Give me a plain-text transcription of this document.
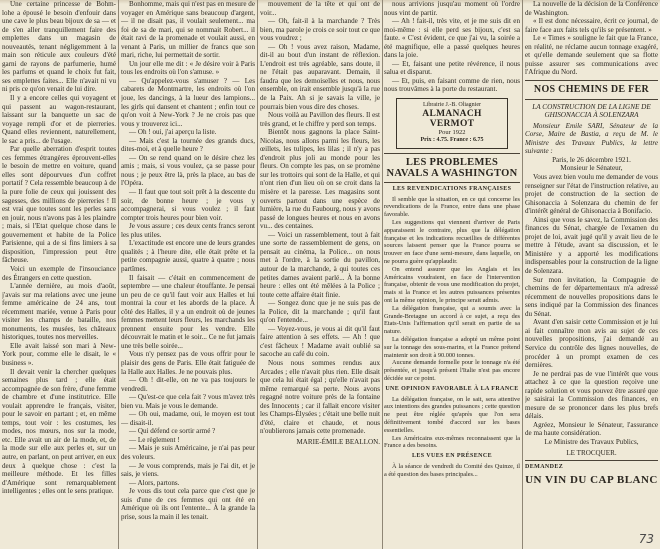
Une certaine princesse de Bohm-lohe a épousé le besoin d'enfouir dans une cave le plus beau bijoux de sa — et de s'en aller tranquillement faire des emplettes dans un magasin de nouveautés, tenant négligemment à la main son réticule aux couleurs d'été garni de rayons de parfumerie, humé les parfums et quand le choix fut fait, ses emplettes faites... Elle n'avait ni vu ni pris ce qu'on venait de lui dire.

Il y a encore celles qui voyagent et qui passent au wagon-restaurant, laissant sur la banquette un sac de voyage rempli d'or et de pierreries. Quand elles reviennent, naturellement, le sac a pris... de l'usage.

Par quelle aberration d'esprit toutes ces femmes étrangères éprouvent-elles le besoin de mettre en voiture, quand elles sont dépourvues d'un coffret portatif ? Cela ressemble beaucoup à de la pure folie de ceux qui jouissent des sagesses, des millions de pierreries ! Il est vrai que toutes sont les perles sans en jouir, nous n'avons pas à les plaindre ; mais, si l'Etat quelque chose dans le gouvernement et habite de la Police Parisienne, qui a de si fins limiers à sa disposition, l'impression peut être fâcheuse.

Voici un exemple de l'insouciance des Étrangers en cette question.

L'année dernière, au mois d'août, j'avais sur ma relations avec une jeune femme américaine de 24 ans, tout récemment mariée, venue à Paris pour visiter les champs de bataille, nos monuments, les musées, les châteaux historiques, toutes nos merveilles.

Elle avait laissé son mari à New-York pour, comme elle le disait, le « business ».

Il devait venir la chercher quelques semaines plus tard ; elle était accompagnée de son frère, d'une femme de chambre et d'une institutrice. Elle voulait apprendre le français, visiter, pour le savoir en partant ; et, en même temps, tout voir : les costumes, les modes, nos mœurs, nos sur la mode, etc. Elle avait un air de la mode, et, de la mode sur elle aux perles et, sur un autre, en parlant, on peut arriver, en eux deux à quelque chose : c'est la meilleure méthode. Et les filles d'Amérique sont remarquablement intelligentes ; elles ont le sens pratique.

Bonhomme, mais qui n'est pas en mesure de voyager en Amérique sans beaucoup d'argent, — il ne disait pas, il voulait seulement... ma foi de sa de mari, qui se nommait Robert... il était ravi de la promenade et voulait aussi, en venant à Paris, un millier de francs que son mari, riche, lui permettait de sortir.

Un jour elle me dit : « Je désire voir à Paris tous les endroits où l'on s'amuse. »

— Qu'appelez-vous s'amuser ? — Les cabarets de Montmartre, les endroits où l'on joue, les dancings, à la lueur des lampions... les girls qui dansent et chantent ; enfin tout ce qu'on voit à New-York ? Je ne crois pas que vous y trouverez ici...

— Oh ! oui, j'ai aperçu la liste.

— Mais c'est la tournée des grands ducs, dites-moi, et à quelle heure ?

— On se rend quand on le désire chez les amis ; mais, si vous voulez, ça se passe pour nous ; je peux être là, près la place, au bas de l'Opéra.

— Il faut que tout soit prêt à la descente du soir, de bonne heure ; je vous y accompagnerai, si vous voulez ; il faut compter trois heures pour bien voir.

Je vous assure ; ces deux cents francs seront les plus utiles.

L'exactitude est encore une de leurs grandes qualités ; à l'heure dite, elle était prête et la petite compagnie aussi, quatre à quatre ; nous partîmes.

Il faisait — c'était en commencement de septembre — une chaleur étouffante. Je pensai un peu de ce qu'il faut voir aux Halles et lui montrai la cour et les abords de la place. À côté des Halles, il y a un endroit où de jeunes femmes mettent leurs fleurs, les marchands les prennent ensuite pour les vendre. Elle découvrait le matin et le soir... Ce ne fut jamais une très belle soirée...

Vous n'y pensez pas de vous offrir pour le plaisir des gens de Paris. Elle était fatiguée de la Halle aux Halles. Je ne pouvais plus.

— Oh ! dit-elle, on ne va pas toujours le vendredi.

— Qu'est-ce que cela fait ? vous m'avez très bien vu. Mais je vous le demande.

— Oh oui, madame, oui, le moyen est tout — disait-il.

— Qui défend ce sortir armé ?

— Le règlement !

— Mais je suis Américaine, je n'ai pas peur des voleurs.

— Je vous comprends, mais je l'ai dit, et je sais, je viens.

— Alors, partons.

Je vous dis tout cela parce que c'est que je suis d'une de ces femmes qui ont été en Amérique où ils ont l'entente... À la grande la prise, sous la main il les tenait.

mouvement de la tête et qui ont de voir...

— Oh, fait-il à la marchande ? Très bien, ma parole je crois ce soir tout ce que vous voudrez ;

— Oh ! vous avez raison, Madame, dit-il au bout d'un instant de réflexion. L'endroit est très agréable, sans doute, il ne l'était pas auparavant. Demain, il faudra que les demoiselles et nous, nous ensemble, on irait ensemble jusqu'à la rue de la Paix. Ah si je savais la ville, je pourrais bien vous dire des choses.

Nous voilà au Pavillon des fleurs. Il est très grand, et le chiffre y perd son temps.

Bientôt nous gagnons la place Saint-Nicolas, nous allons parmi les fleurs, les œillets, les tulipes, les lilas ; il n'y a pas d'endroit plus joli au monde pour les fleurs. On compte les pas, on se promène sur les trottoirs qui sont de la Halle, et qui n'ont rien d'un lieu où on se croit dans la misère et la paresse. Les magasins sont ouverts partout dans une espèce de lumière, la rue du Faubourg, nous y avons passé de longues heures et nous en avons vu... des centaines.

— Voici un rassemblement, tout à fait une sorte de rassemblement de gens, on pensait au cinéma, la Police... on nous met à l'ordre, à la sortie du pavillon, autour de la marchande, à qui toutes ces petites dames avaient parlé... À la bonne heure : elles ont été mêlées à la Police ; toute cette affaire était finie.

— Songez donc que je ne suis pas de la Police, dit la marchande ; qu'il faut qu'on l'entende...

— Voyez-vous, je vous ai dit qu'il faut faire attention à ses effets. — Ah ! que c'est fâcheux ! Madame avait oublié sa sacoche au café du coin.

Nous nous sommes rendus aux Arcades ; elle n'avait plus rien. Elle disait que cela lui était égal ; qu'elle n'avait pas même remarqué sa perte. Nous avons regagné notre voiture près de la fontaine des Innocents ; car il fallait encore visiter les Champs-Élysées ; c'était une belle nuit d'été, claire et chaude, et nous n'oublierons jamais cette promenade.

MARIE-ÉMILE BEALLON.

nous arrivions jusqu'au moment où l'ordre nous vint de partir.

— Ah ! fait-il, très vite, et je me suis dit en moi-même : si elle perd ses bijoux, c'est sa faute. « C'est évident, ce que j'ai vu, la soirée a été magnifique, elle a passé quelques heures dans la joie.

— Et, faisant une petite révérence, il nous salua et disparut.

— Et, puis, en faisant comme de rien, nous nous trouvâmes à la porte du restaurant.

Librairie J.-B. Oliagnier
ALMANACH
VERMOT
Pour 1922
Prix : 4.75. France : 6.75
LES PROBLEMES NAVALS A WASHINGTON
LES REVENDICATIONS FRANÇAISES

Il semble que la situation, en ce qui concerne les revendications de la France, entre dans une phase favorable.

Les suggestions qui viennent d'arriver de Paris apparaissent le contraire, plus que la délégation française et les indications recueillies de différentes sources laissent penser que la France pourra se trouver en face d'une semi-mesure, dans laquelle, on ne pourra guère qu'applaudir.

On entend assurer que les Anglais et les Américains voudraient, en face de l'intervention française, obtenir de vous une modification du projet, mais si la France et les autres puissances présentes ont la même opinion, le principe serait admis.

La délégation française, qui a soumis avec la Grande-Bretagne un accord à ce sujet, a reçu des Etats-Unis l'affirmation qu'il serait en partie de sa nature.

La délégation française a adopté un même point sur la tonnage des sous-marins, et la France prétend maintenir son droit à 90.000 tonnes.

Aucune demande formelle pour le tonnage n'a été présentée, et jusqu'à présent l'Italie n'est pas encore décidée sur ce point.

UNE OPINION FAVORABLE À LA FRANCE

La délégation française, on le sait, sera attentive aux intentions des grandes puissances ; cette question ne peut être réglée qu'après que l'on sera définitivement tombé d'accord sur les bases essentielles.

Les Américains eux-mêmes reconnaissent que la France a des besoins.

LES VUES EN PRÉSENCE

À la séance de vendredi du Comité des Quinze, il a été question des bases principales...

La nouvelle de la décision de la Conférence de Washington.

« Il est donc nécessaire, écrit ce journal, de faire face aux faits tels qu'ils se présentent. »

Le « Times » souligne le fait que la France, en réalité, ne réclame aucun tonnage exagéré, et qu'elle demande seulement que sa flotte puisse assurer ses communications avec l'Afrique du Nord.

NOS CHEMINS DE FER
LA CONSTRUCTION DE LA LIGNE DE GHISONACCIA À SOLENZARA

Monsieur Emile SARI, Sénateur de la Corse, Maire de Bastia, a reçu de M. le Ministre des Travaux Publics, la lettre suivante :

Paris, le 26 décembre 1921.
Monsieur le Sénateur,

Vous avez bien voulu me demander de vous renseigner sur l'état de l'instruction relative, au projet de construction de la section de Ghisonaccia à Solenzara du chemin de fer d'intérêt général de Ghisonaccia à Bonifacio.

Ainsi que vous le savez, la Commission des finances du Sénat, chargée de l'examen du projet de loi, avait jugé qu'il y avait lieu de le mettre à l'étude, avant sa discussion, et le Ministère y a apporté les modifications indispensables pour la construction de la ligne de Solenzara.

Sur mon invitation, la Compagnie de chemins de fer départementaux m'a adressé récemment de nouvelles propositions dans le sens indiqué par la Commission des finances du Sénat.

Avant d'en saisir cette Commission et je lui ai fait connaître mon avis au sujet de ces nouvelles propositions, j'ai demandé au Service du contrôle des lignes nouvelles, de procéder à un prompt examen de ces dernières.

Je ne perdrai pas de vue l'intérêt que vous attachez à ce que la question reçoive une rapide solution et vous pouvez être assuré que je saisirai la Commission des finances, en mesure de se prononcer dans les plus brefs délais.

Agréez, Monsieur le Sénateur, l'assurance de ma haute considération.

Le Ministre des Travaux Publics,
LE TROCQUER.
DEMANDEZ
UN VIN DU CAP BLANC
73
